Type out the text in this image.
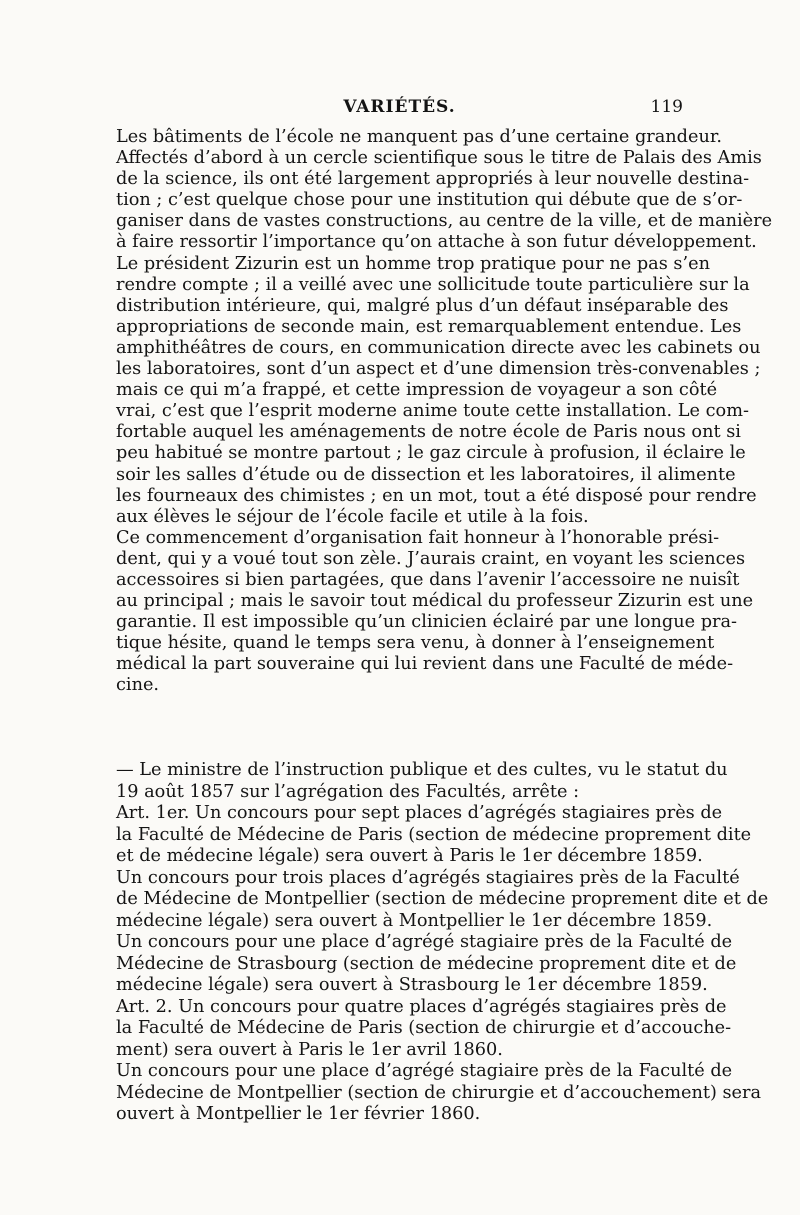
VARIÉTÉS.	119
Les bâtiments de l’école ne manquent pas d’une certaine grandeur.
Affectés d’abord à un cercle scientifique sous le titre de Palais des Amis
de la science, ils ont été largement appropriés à leur nouvelle destina-
tion ; c’est quelque chose pour une institution qui débute que de s’or-
ganiser dans de vastes constructions, au centre de la ville, et de manière
à faire ressortir l’importance qu’on attache à son futur développement.
Le président Zizurin est un homme trop pratique pour ne pas s’en
rendre compte ; il a veillé avec une sollicitude toute particulière sur la
distribution intérieure, qui, malgré plus d’un défaut inséparable des
appropriations de seconde main, est remarquablement entendue. Les
amphithéâtres de cours, en communication directe avec les cabinets ou
les laboratoires, sont d’un aspect et d’une dimension très-convenables ;
mais ce qui m’a frappé, et cette impression de voyageur a son côté
vrai, c’est que l’esprit moderne anime toute cette installation. Le com-
fortable auquel les aménagements de notre école de Paris nous ont si
peu habitué se montre partout ; le gaz circule à profusion, il éclaire le
soir les salles d’étude ou de dissection et les laboratoires, il alimente
les fourneaux des chimistes ; en un mot, tout a été disposé pour rendre
aux élèves le séjour de l’école facile et utile à la fois.
Ce commencement d’organisation fait honneur à l’honorable prési-
dent, qui y a voué tout son zèle. J’aurais craint, en voyant les sciences
accessoires si bien partagées, que dans l’avenir l’accessoire ne nuisît
au principal ; mais le savoir tout médical du professeur Zizurin est une
garantie. Il est impossible qu’un clinicien éclairé par une longue pra-
tique hésite, quand le temps sera venu, à donner à l’enseignement
médical la part souveraine qui lui revient dans une Faculté de méde-
cine.
— Le ministre de l’instruction publique et des cultes, vu le statut du
19 août 1857 sur l’agrégation des Facultés, arrête :
Art. 1er. Un concours pour sept places d’agrégés stagiaires près de
la Faculté de Médecine de Paris (section de médecine proprement dite
et de médecine légale) sera ouvert à Paris le 1er décembre 1859.
Un concours pour trois places d’agrégés stagiaires près de la Faculté
de Médecine de Montpellier (section de médecine proprement dite et de
médecine légale) sera ouvert à Montpellier le 1er décembre 1859.
Un concours pour une place d’agrégé stagiaire près de la Faculté de
Médecine de Strasbourg (section de médecine proprement dite et de
médecine légale) sera ouvert à Strasbourg le 1er décembre 1859.
Art. 2. Un concours pour quatre places d’agrégés stagiaires près de
la Faculté de Médecine de Paris (section de chirurgie et d’accouche-
ment) sera ouvert à Paris le 1er avril 1860.
Un concours pour une place d’agrégé stagiaire près de la Faculté de
Médecine de Montpellier (section de chirurgie et d’accouchement) sera
ouvert à Montpellier le 1er février 1860.
